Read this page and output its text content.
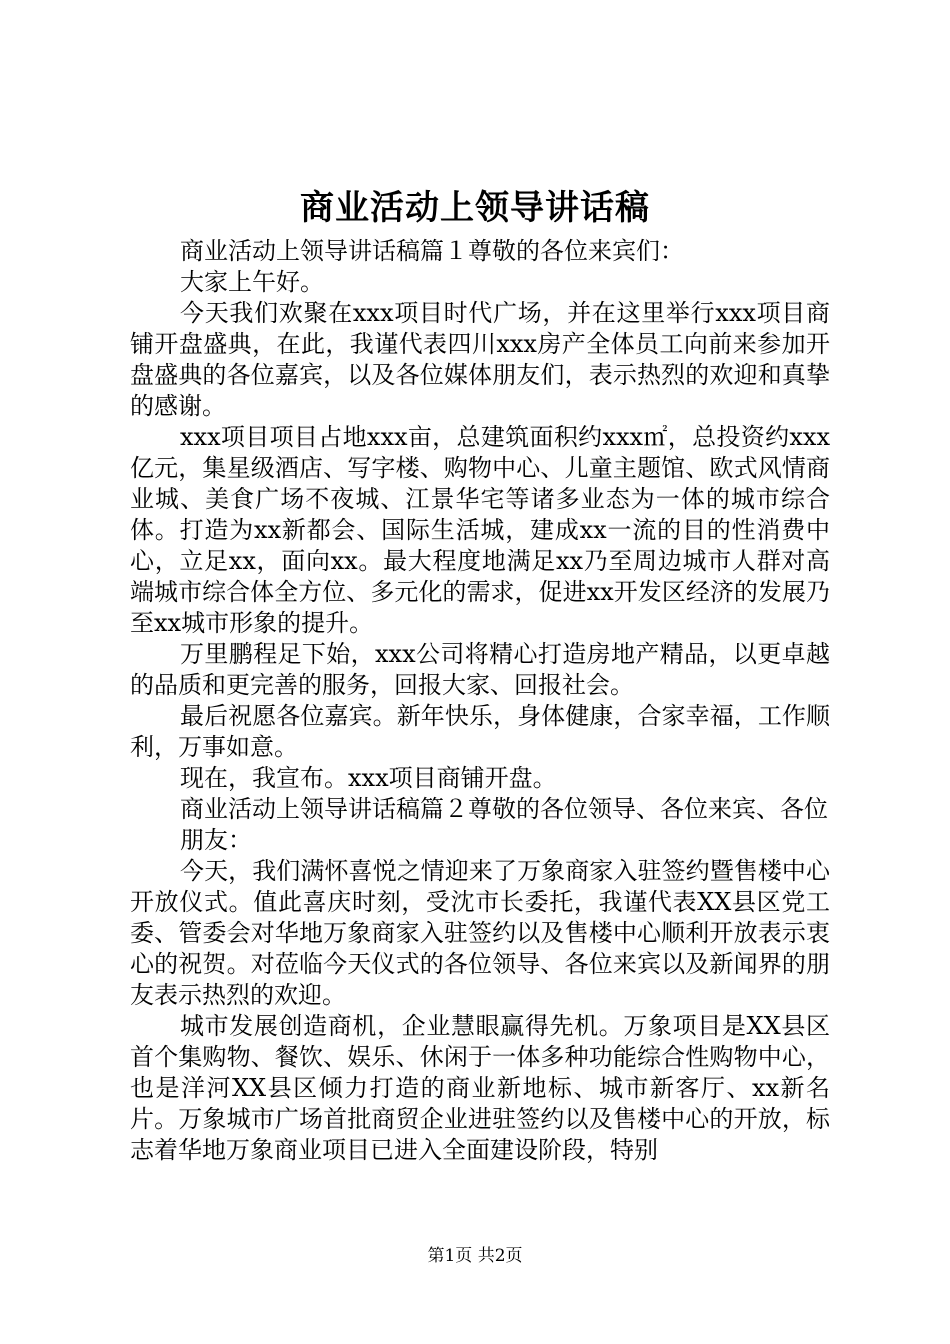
商业活动上领导讲话稿

商业活动上领导讲话稿篇１尊敬的各位来宾们：

大家上午好。

今天我们欢聚在xxx项目时代广场，并在这里举行xxx项目商铺开盘盛典，在此，我谨代表四川xxx房产全体员工向前来参加开盘盛典的各位嘉宾，以及各位媒体朋友们，表示热烈的欢迎和真挚的感谢。

xxx项目项目占地xxx亩，总建筑面积约xxx㎡，总投资约xxx亿元，集星级酒店、写字楼、购物中心、儿童主题馆、欧式风情商业城、美食广场不夜城、江景华宅等诸多业态为一体的城市综合体。打造为xx新都会、国际生活城，建成xx一流的目的性消费中心，立足xx，面向xx。最大程度地满足xx乃至周边城市人群对高端城市综合体全方位、多元化的需求，促进xx开发区经济的发展乃至xx城市形象的提升。

万里鹏程足下始，xxx公司将精心打造房地产精品，以更卓越的品质和更完善的服务，回报大家、回报社会。

最后祝愿各位嘉宾。新年快乐，身体健康，合家幸福，工作顺利，万事如意。

现在，我宣布。xxx项目商铺开盘。

商业活动上领导讲话稿篇２尊敬的各位领导、各位来宾、各位

朋友：

今天，我们满怀喜悦之情迎来了万象商家入驻签约暨售楼中心开放仪式。值此喜庆时刻，受沈市长委托，我谨代表XX县区党工委、管委会对华地万象商家入驻签约以及售楼中心顺利开放表示衷心的祝贺。对莅临今天仪式的各位领导、各位来宾以及新闻界的朋友表示热烈的欢迎。

城市发展创造商机，企业慧眼赢得先机。万象项目是XX县区首个集购物、餐饮、娱乐、休闲于一体多种功能综合性购物中心，也是洋河XX县区倾力打造的商业新地标、城市新客厅、xx新名片。万象城市广场首批商贸企业进驻签约以及售楼中心的开放，标志着华地万象商业项目已进入全面建设阶段，特别

第1页 共2页
